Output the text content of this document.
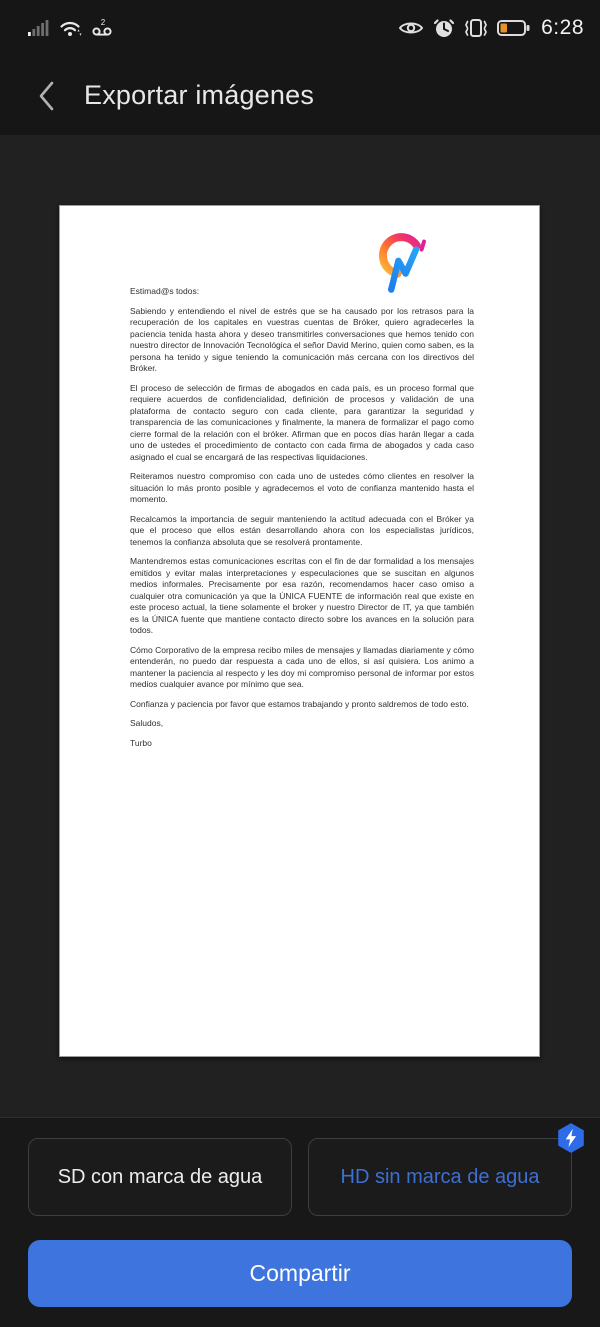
2	6:28
Exportar imágenes

Estimad@s todos:

Sabiendo y entendiendo el nivel de estrés que se ha causado por los retrasos para la recuperación de los capitales en vuestras cuentas de Bróker, quiero agradecerles la paciencia tenida hasta ahora y deseo transmitirles conversaciones que hemos tenido con nuestro director de Innovación Tecnológica el señor David Merino, quien como saben, es la persona ha tenido y sigue teniendo la comunicación más cercana con los directivos del Bróker.

El proceso de selección de firmas de abogados en cada país, es un proceso formal que requiere acuerdos de confidencialidad, definición de procesos y validación de una plataforma de contacto seguro con cada cliente, para garantizar la seguridad y transparencia de las comunicaciones y finalmente, la manera de formalizar el pago como cierre formal de la relación con el bróker. Afirman que en pocos días harán llegar a cada uno de ustedes el procedimiento de contacto con cada firma de abogados y cada caso asignado el cual se encargará de las respectivas liquidaciones.

Reiteramos nuestro compromiso con cada uno de ustedes cómo clientes en resolver la situación lo más pronto posible y agradecemos el voto de confianza mantenido hasta el momento.

Recalcamos la importancia de seguir manteniendo la actitud adecuada con el Bróker ya que el proceso que ellos están desarrollando ahora con los especialistas jurídicos, tenemos la confianza absoluta que se resolverá prontamente.

Mantendremos estas comunicaciones escritas con el fin de dar formalidad a los mensajes emitidos y evitar malas interpretaciones y especulaciones que se suscitan en algunos medios informales. Precisamente por esa razón, recomendamos hacer caso omiso a cualquier otra comunicación ya que la ÚNICA FUENTE de información real que existe en este proceso actual, la tiene solamente el broker y nuestro Director de IT, ya que también es la ÚNICA fuente que mantiene contacto directo sobre los avances en la solución para todos.

Cómo Corporativo de la empresa recibo miles de mensajes y llamadas diariamente y cómo entenderán, no puedo dar respuesta a cada uno de ellos, si así quisiera. Los animo a mantener la paciencia al respecto y les doy mi compromiso personal de informar por estos medios cualquier avance por mínimo que sea.

Confianza y paciencia por favor que estamos trabajando y pronto saldremos de todo esto.

Saludos,

Turbo

SD con marca de agua	HD sin marca de agua
Compartir
